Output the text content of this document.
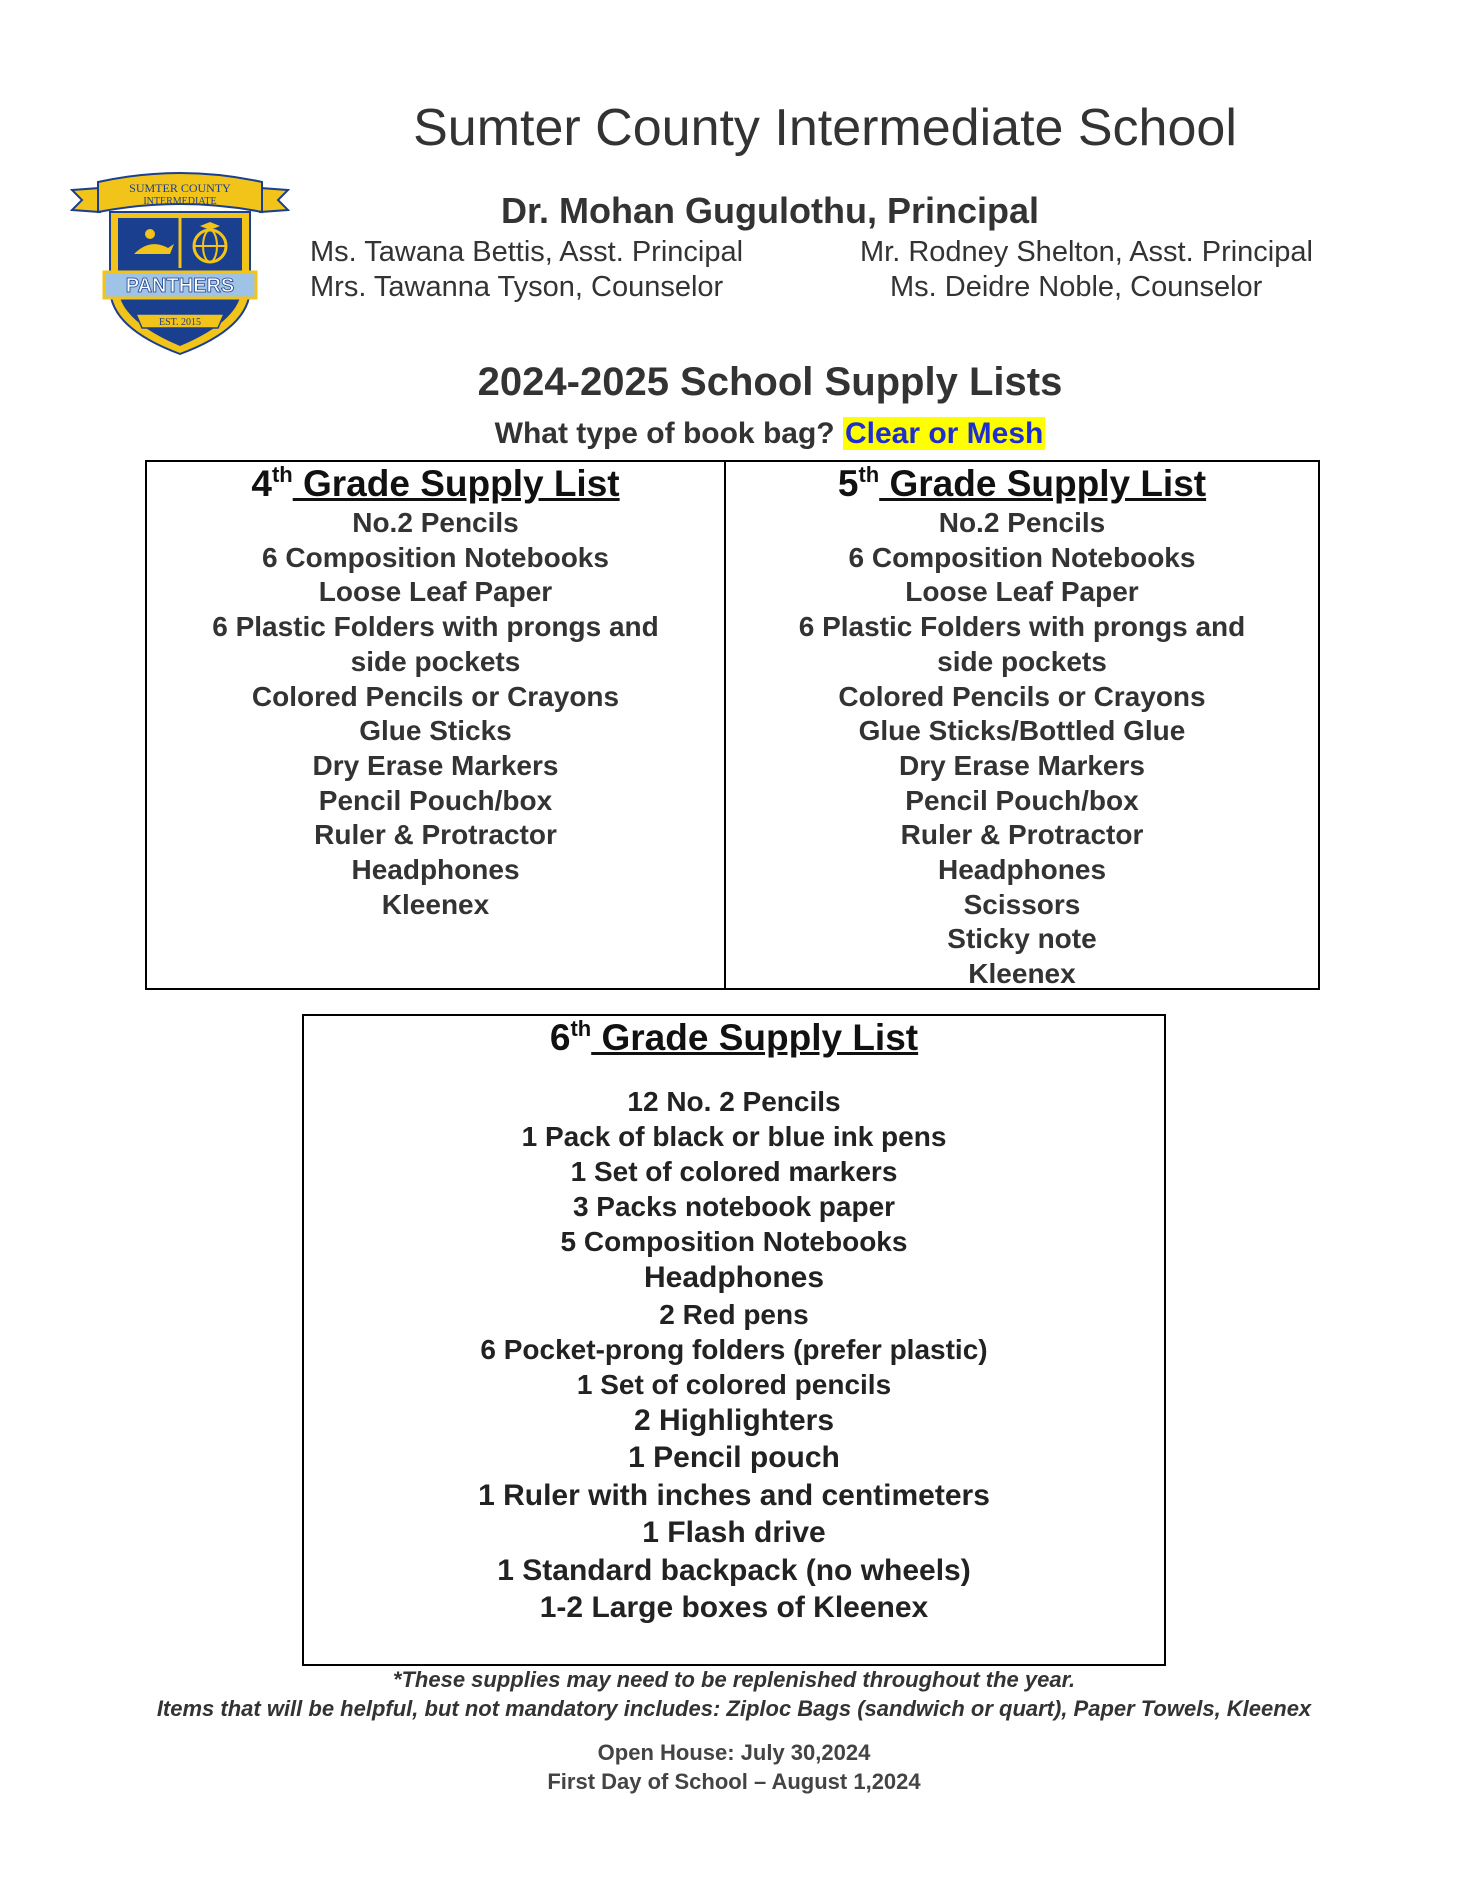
Sumter County Intermediate School
Dr. Mohan Gugulothu, Principal
Ms. Tawana Bettis, Asst. Principal
Mrs. Tawanna Tyson, Counselor
Mr. Rodney Shelton, Asst. Principal
Ms. Deidre Noble, Counselor
SUMTER COUNTY
INTERMEDIATE
PANTHERS
EST. 2015
2024-2025 School Supply Lists
What type of book bag? Clear or Mesh
4th Grade Supply List
No.2 Pencils
6 Composition Notebooks
Loose Leaf Paper
6 Plastic Folders with prongs and side pockets
Colored Pencils or Crayons
Glue Sticks
Dry Erase Markers
Pencil Pouch/box
Ruler & Protractor
Headphones
Kleenex
5th Grade Supply List
No.2 Pencils
6 Composition Notebooks
Loose Leaf Paper
6 Plastic Folders with prongs and side pockets
Colored Pencils or Crayons
Glue Sticks/Bottled Glue
Dry Erase Markers
Pencil Pouch/box
Ruler & Protractor
Headphones
Scissors
Sticky note
Kleenex
6th Grade Supply List
12 No. 2 Pencils
1 Pack of black or blue ink pens
1 Set of colored markers
3 Packs notebook paper
5 Composition Notebooks
Headphones
2 Red pens
6 Pocket-prong folders (prefer plastic)
1 Set of colored pencils
2 Highlighters
1 Pencil pouch
1 Ruler with inches and centimeters
1 Flash drive
1 Standard backpack (no wheels)
1-2 Large boxes of Kleenex
*These supplies may need to be replenished throughout the year.
Items that will be helpful, but not mandatory includes: Ziploc Bags (sandwich or quart), Paper Towels, Kleenex
Open House: July 30,2024
First Day of School – August 1,2024
